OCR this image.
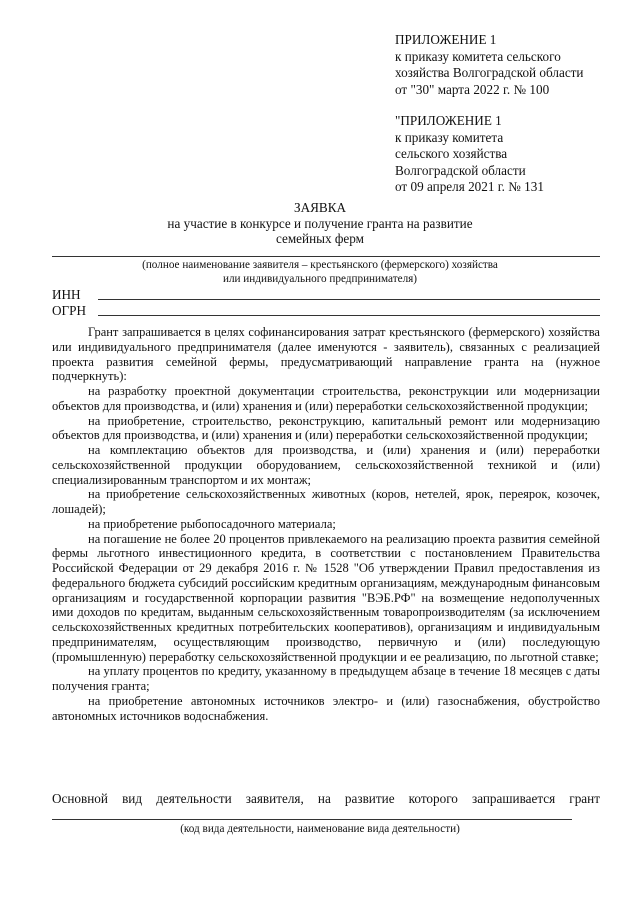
ПРИЛОЖЕНИЕ 1
к приказу комитета сельского
хозяйства Волгоградской области
от "30" марта 2022 г. № 100
"ПРИЛОЖЕНИЕ 1
к приказу комитета
сельского хозяйства
Волгоградской области
от 09 апреля 2021 г. № 131
ЗАЯВКА
на участие в конкурсе и получение гранта на развитие
семейных ферм
(полное наименование заявителя – крестьянского (фермерского) хозяйства
или индивидуального предпринимателя)
ИНН
ОГРН

Грант запрашивается в целях софинансирования затрат крестьянского (фермерского) хозяйства или индивидуального предпринимателя (далее именуются - заявитель), связанных с реализацией проекта развития семейной фермы, предусматривающий направление гранта на (нужное подчеркнуть):

на разработку проектной документации строительства, реконструкции или модернизации объектов для производства, и (или) хранения и (или) переработки сельскохозяйственной продукции;

на приобретение, строительство, реконструкцию, капитальный ремонт или модернизацию объектов для производства, и (или) хранения и (или) переработки сельскохозяйственной продукции;

на комплектацию объектов для производства, и (или) хранения и (или) переработки сельскохозяйственной продукции оборудованием, сельскохозяйственной техникой и (или) специализированным транспортом и их монтаж;

на приобретение сельскохозяйственных животных (коров, нетелей, ярок, переярок, козочек, лошадей);

на приобретение рыбопосадочного материала;

на погашение не более 20 процентов привлекаемого на реализацию проекта развития семейной фермы льготного инвестиционного кредита, в соответствии с постановлением Правительства Российской Федерации от 29 декабря 2016 г. № 1528 "Об утверждении Правил предоставления из федерального бюджета субсидий российским кредитным организациям, международным финансовым организациям и государственной корпорации развития "ВЭБ.РФ" на возмещение недополученных ими доходов по кредитам, выданным сельскохозяйственным товаропроизводителям (за исключением сельскохозяйственных кредитных потребительских кооперативов), организациям и индивидуальным предпринимателям, осуществляющим производство, первичную и (или) последующую (промышленную) переработку сельскохозяйственной продукции и ее реализацию, по льготной ставке;

на уплату процентов по кредиту, указанному в предыдущем абзаце в течение 18 месяцев с даты получения гранта;

на приобретение автономных источников электро- и (или) газоснабжения, обустройство автономных источников водоснабжения.

Основной вид деятельности заявителя, на развитие которого запрашивается грант
(код вида деятельности, наименование вида деятельности)
